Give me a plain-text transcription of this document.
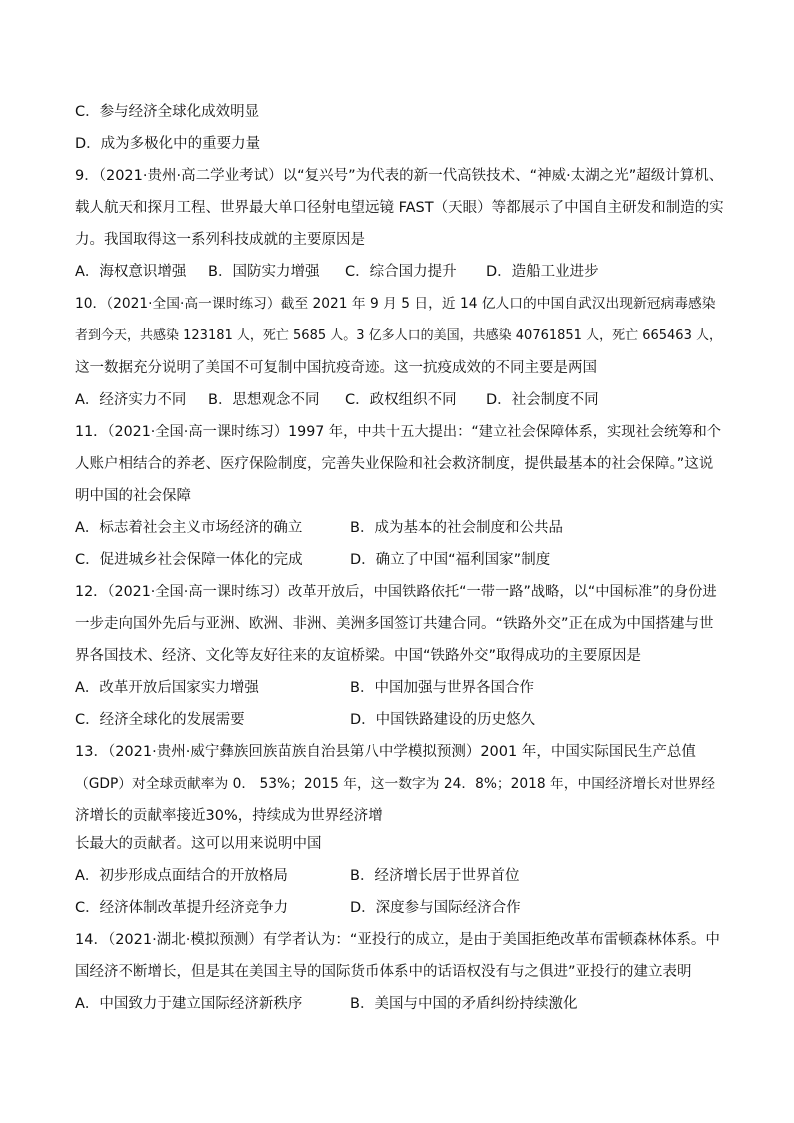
C．参与经济全球化成效明显
D．成为多极化中的重要力量
9．（2021·贵州·高二学业考试）以“复兴号”为代表的新一代高铁技术、“神威·太湖之光”超级计算机、
载人航天和探月工程、世界最大单口径射电望远镜 FAST（天眼）等都展示了中国自主研发和制造的实
力。我国取得这一系列科技成就的主要原因是
A．海权意识增强 B．国防实力增强 C．综合国力提升 D．造船工业进步
10．（2021·全国·高一课时练习）截至 2021 年 9 月 5 日，近 14 亿人口的中国自武汉出现新冠病毒感染
者到今天，共感染 123181 人，死亡 5685 人。3 亿多人口的美国，共感染 40761851 人，死亡 665463 人，
这一数据充分说明了美国不可复制中国抗疫奇迹。这一抗疫成效的不同主要是两国
A．经济实力不同 B．思想观念不同 C．政权组织不同 D．社会制度不同
11．（2021·全国·高一课时练习）1997 年，中共十五大提出：“建立社会保障体系，实现社会统筹和个
人账户相结合的养老、医疗保险制度，完善失业保险和社会救济制度，提供最基本的社会保障。”这说
明中国的社会保障
A．标志着社会主义市场经济的确立	B．成为基本的社会制度和公共品
C．促进城乡社会保障一体化的完成	D．确立了中国“福利国家”制度
12．（2021·全国·高一课时练习）改革开放后，中国铁路依托“一带一路”战略，以“中国标准”的身份进
一步走向国外先后与亚洲、欧洲、非洲、美洲多国签订共建合同。“铁路外交”正在成为中国搭建与世
界各国技术、经济、文化等友好往来的友谊桥梁。中国“铁路外交”取得成功的主要原因是
A．改革开放后国家实力增强	B．中国加强与世界各国合作
C．经济全球化的发展需要	D．中国铁路建设的历史悠久
13．（2021·贵州·威宁彝族回族苗族自治县第八中学模拟预测）2001 年，中国实际国民生产总值
（GDP）对全球贡献率为 0． 53%；2015 年，这一数字为 24．8%；2018 年，中国经济增长对世界经
济增长的贡献率接近30%，持续成为世界经济增
长最大的贡献者。这可以用来说明中国
A．初步形成点面结合的开放格局	B．经济增长居于世界首位
C．经济体制改革提升经济竞争力	D．深度参与国际经济合作
14．（2021·湖北·模拟预测）有学者认为：“亚投行的成立，是由于美国拒绝改革布雷顿森林体系。中
国经济不断增长，但是其在美国主导的国际货币体系中的话语权没有与之俱进”亚投行的建立表明
A．中国致力于建立国际经济新秩序	B．美国与中国的矛盾纠纷持续激化
